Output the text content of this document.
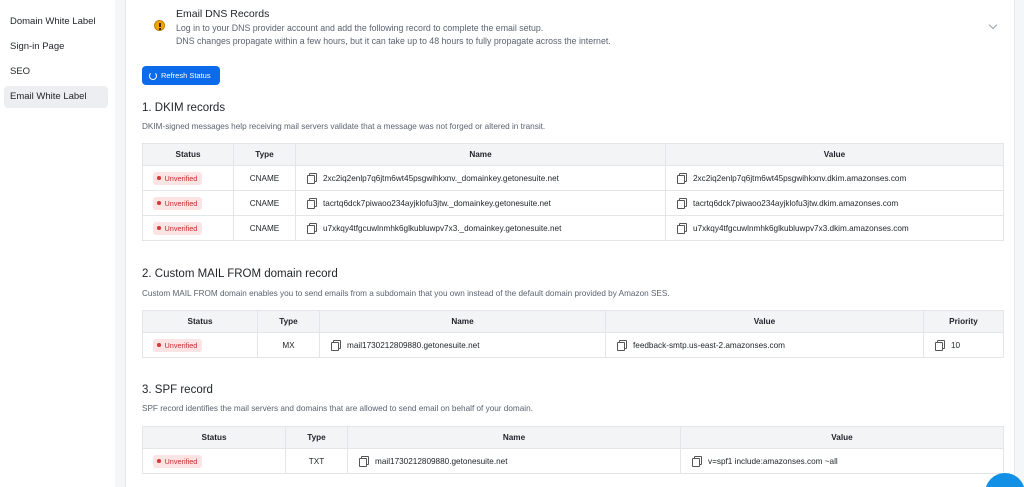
Domain White Label
Sign-in Page
SEO
Email White Label
Email DNS Records
Log in to your DNS provider account and add the following record to complete the email setup.
DNS changes propagate within a few hours, but it can take up to 48 hours to fully propagate across the internet.
Refresh Status
1. DKIM records
DKIM-signed messages help receiving mail servers validate that a message was not forged or altered in transit.
Status	Type	Name	Value
Unverified	CNAME	2xc2iq2enlp7q6jtm6wt45psgwihkxnv._domainkey.getonesuite.net	2xc2iq2enlp7q6jtm6wt45psgwihkxnv.dkim.amazonses.com
Unverified	CNAME	tacrtq6dck7piwaoo234ayjklofu3jtw._domainkey.getonesuite.net	tacrtq6dck7piwaoo234ayjklofu3jtw.dkim.amazonses.com
Unverified	CNAME	u7xkqy4tfgcuwlnmhk6glkubluwpv7x3._domainkey.getonesuite.net	u7xkqy4tfgcuwlnmhk6glkubluwpv7x3.dkim.amazonses.com
2. Custom MAIL FROM domain record
Custom MAIL FROM domain enables you to send emails from a subdomain that you own instead of the default domain provided by Amazon SES.
Status	Type	Name	Value	Priority
Unverified	MX	mail1730212809880.getonesuite.net	feedback-smtp.us-east-2.amazonses.com	10
3. SPF record
SPF record identifies the mail servers and domains that are allowed to send email on behalf of your domain.
Status	Type	Name	Value
Unverified	TXT	mail1730212809880.getonesuite.net	v=spf1 include:amazonses.com ~all
